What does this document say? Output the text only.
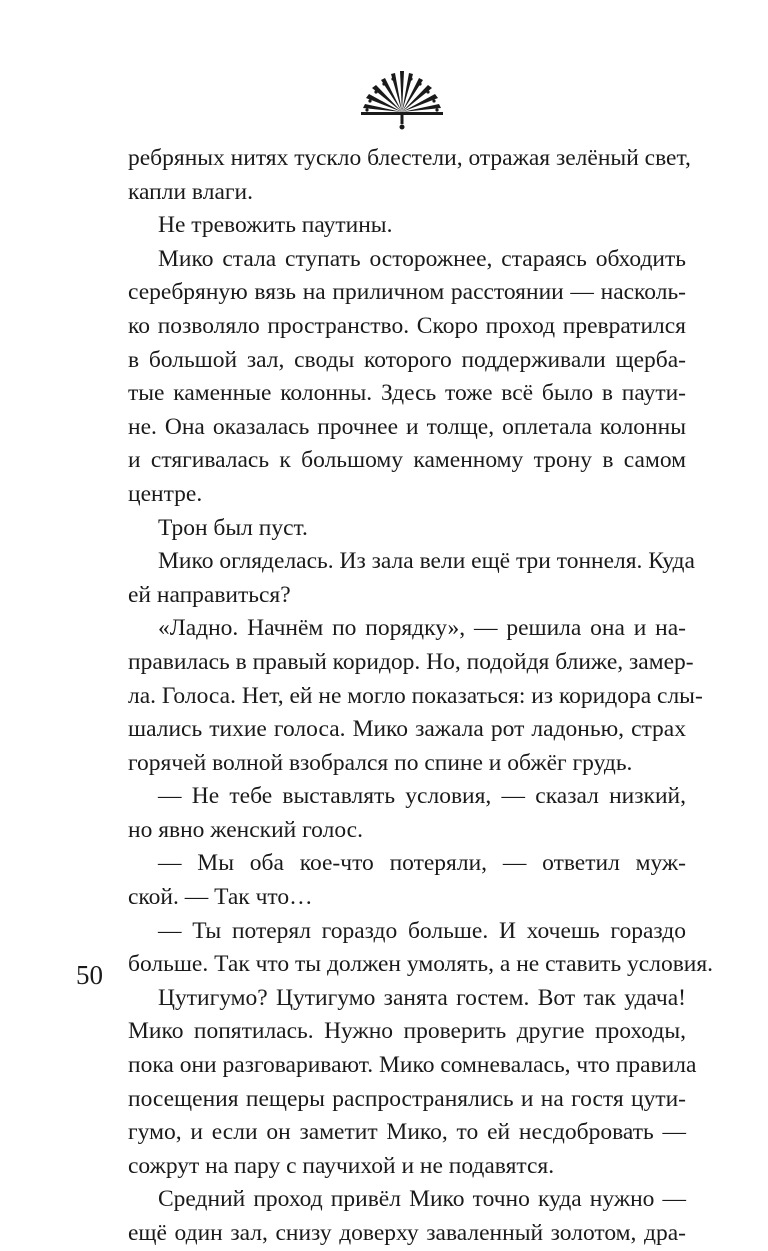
ребряных нитях тускло блестели, отражая зелёный свет,
капли влаги.
Не тревожить паутины.
Мико стала ступать осторожнее, стараясь обходить
серебряную вязь на приличном расстоянии — насколь-
ко позволяло пространство. Скоро проход превратился
в большой зал, своды которого поддерживали щерба-
тые каменные колонны. Здесь тоже всё было в паути-
не. Она оказалась прочнее и толще, оплетала колонны
и стягивалась к большому каменному трону в самом
центре.
Трон был пуст.
Мико огляделась. Из зала вели ещё три тоннеля. Куда
ей направиться?
«Ладно. Начнём по порядку», — решила она и на-
правилась в правый коридор. Но, подойдя ближе, замер-
ла. Голоса. Нет, ей не могло показаться: из коридора слы-
шались тихие голоса. Мико зажала рот ладонью, страх
горячей волной взобрался по спине и обжёг грудь.
— Не тебе выставлять условия, — сказал низкий,
но явно женский голос.
— Мы оба кое-что потеряли, — ответил муж-
ской. — Так что…
— Ты потерял гораздо больше. И хочешь гораздо
больше. Так что ты должен умолять, а не ставить условия.
Цутигумо? Цутигумо занята гостем. Вот так удача!
Мико попятилась. Нужно проверить другие проходы,
пока они разговаривают. Мико сомневалась, что правила
посещения пещеры распространялись и на гостя цути-
гумо, и если он заметит Мико, то ей несдобровать —
сожрут на пару с паучихой и не подавятся.
Средний проход привёл Мико точно куда нужно —
ещё один зал, снизу доверху заваленный золотом, дра-
50
